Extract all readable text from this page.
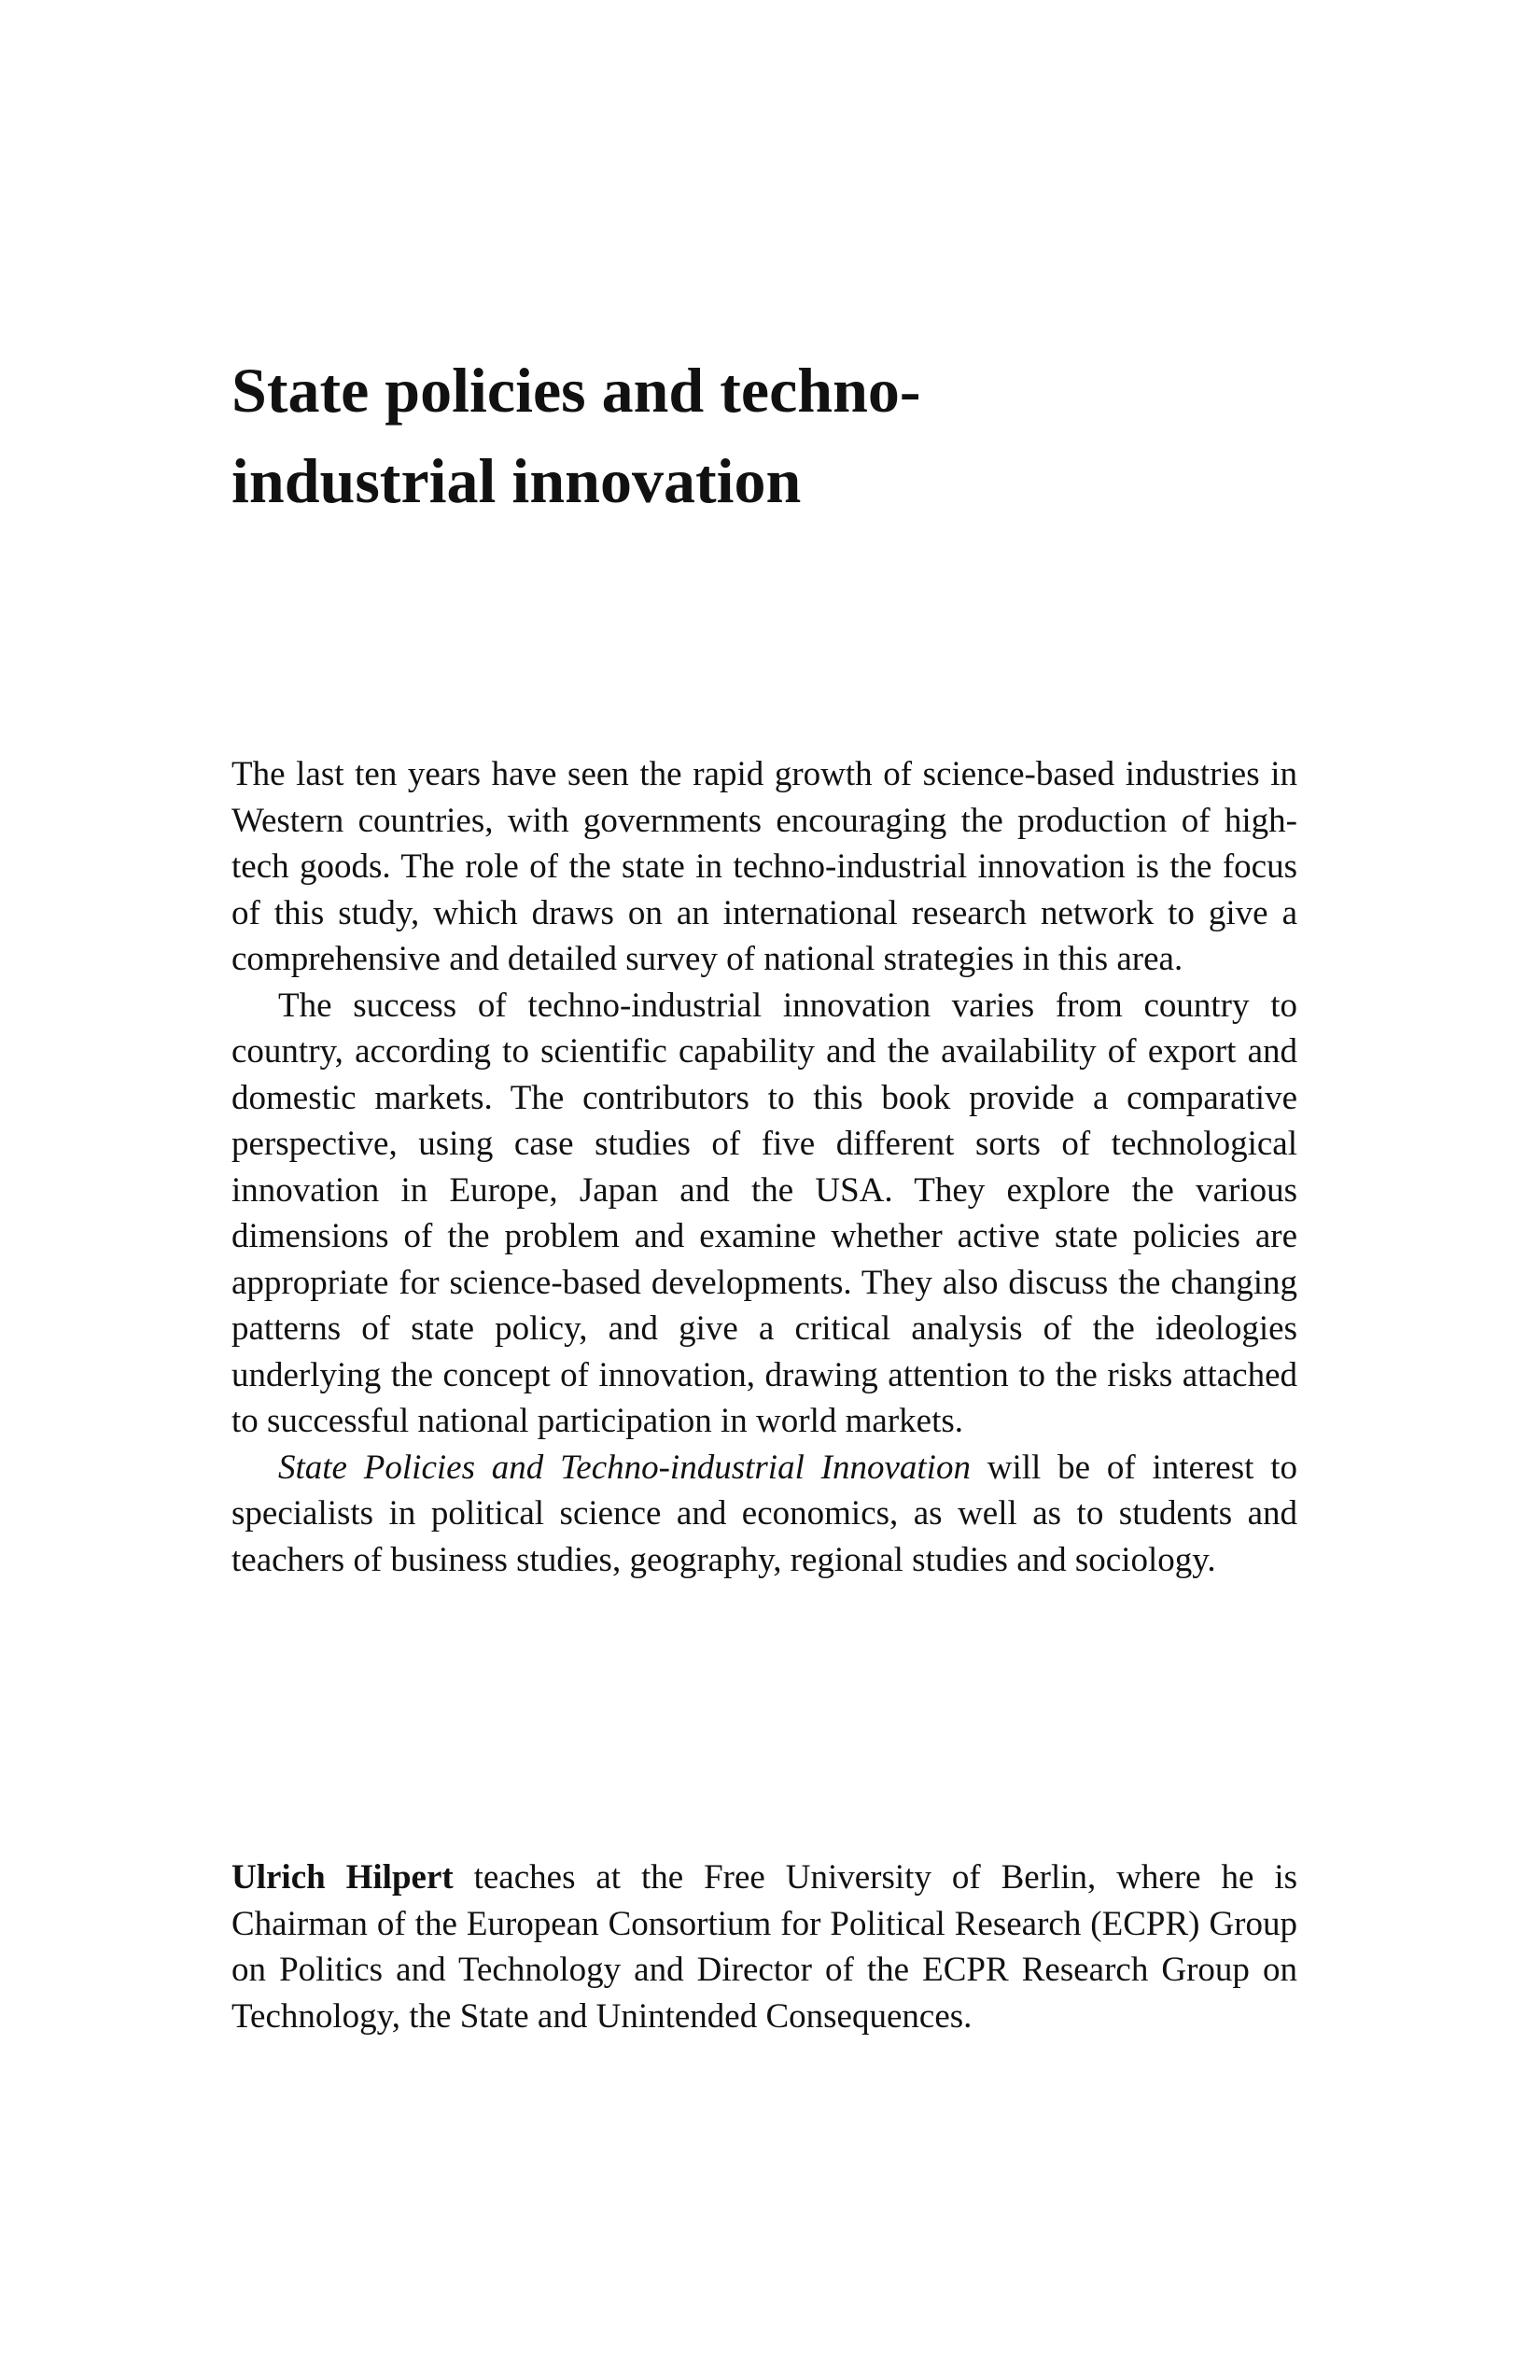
State policies and techno-
industrial innovation

The last ten years have seen the rapid growth of science-based industries in Western countries, with governments encouraging the production of high-tech goods. The role of the state in techno-industrial innovation is the focus of this study, which draws on an international research network to give a comprehensive and detailed survey of national strategies in this area.

The success of techno-industrial innovation varies from country to country, according to scientific capability and the availability of export and domestic markets. The contributors to this book provide a comparative perspective, using case studies of five different sorts of technological innovation in Europe, Japan and the USA. They explore the various dimensions of the problem and examine whether active state policies are appropriate for science-based developments. They also discuss the changing patterns of state policy, and give a critical analysis of the ideologies underlying the concept of innovation, drawing attention to the risks attached to successful national participation in world markets.

State Policies and Techno-industrial Innovation will be of interest to specialists in political science and economics, as well as to students and teachers of business studies, geography, regional studies and sociology.

Ulrich Hilpert teaches at the Free University of Berlin, where he is Chairman of the European Consortium for Political Research (ECPR) Group on Politics and Technology and Director of the ECPR Research Group on Technology, the State and Unintended Consequences.
